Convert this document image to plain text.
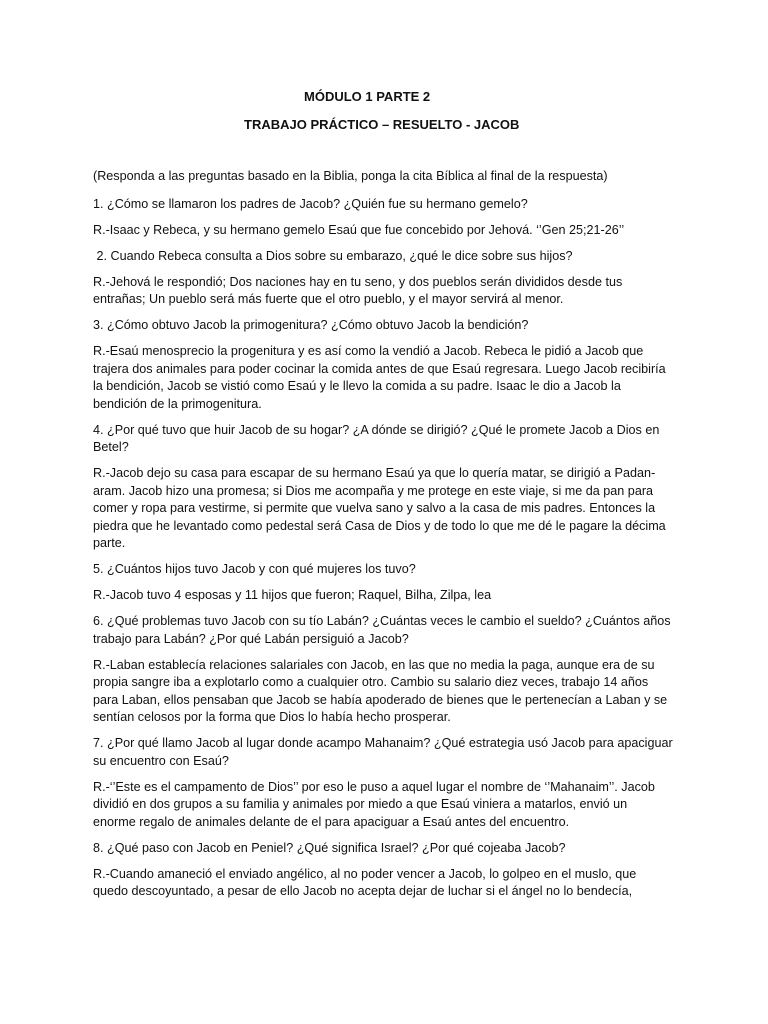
MÓDULO 1 PARTE 2
TRABAJO PRÁCTICO – RESUELTO - JACOB

(Responda a las preguntas basado en la Biblia, ponga la cita Bíblica al final de la respuesta)

1. ¿Cómo se llamaron los padres de Jacob? ¿Quién fue su hermano gemelo?

R.-Isaac y Rebeca, y su hermano gemelo Esaú que fue concebido por Jehová. ‘’Gen 25;21-26’’

2. Cuando Rebeca consulta a Dios sobre su embarazo, ¿qué le dice sobre sus hijos?

R.-Jehová le respondió; Dos naciones hay en tu seno, y dos pueblos serán divididos desde tus entrañas; Un pueblo será más fuerte que el otro pueblo, y el mayor servirá al menor.

3. ¿Cómo obtuvo Jacob la primogenitura? ¿Cómo obtuvo Jacob la bendición?

R.-Esaú menosprecio la progenitura y es así como la vendió a Jacob. Rebeca le pidió a Jacob que trajera dos animales para poder cocinar la comida antes de que Esaú regresara. Luego Jacob recibiría la bendición, Jacob se vistió como Esaú y le llevo la comida a su padre. Isaac le dio a Jacob la bendición de la primogenitura.

4. ¿Por qué tuvo que huir Jacob de su hogar? ¿A dónde se dirigió? ¿Qué le promete Jacob a Dios en Betel?

R.-Jacob dejo su casa para escapar de su hermano Esaú ya que lo quería matar, se dirigió a Padan-aram. Jacob hizo una promesa; si Dios me acompaña y me protege en este viaje, si me da pan para comer y ropa para vestirme, si permite que vuelva sano y salvo a la casa de mis padres. Entonces la piedra que he levantado como pedestal será Casa de Dios y de todo lo que me dé le pagare la décima parte.

5. ¿Cuántos hijos tuvo Jacob y con qué mujeres los tuvo?

R.-Jacob tuvo 4 esposas y 11 hijos que fueron; Raquel, Bilha, Zilpa, lea

6. ¿Qué problemas tuvo Jacob con su tío Labán? ¿Cuántas veces le cambio el sueldo? ¿Cuántos años trabajo para Labán? ¿Por qué Labán persiguió a Jacob?

R.-Laban establecía relaciones salariales con Jacob, en las que no media la paga, aunque era de su propia sangre iba a explotarlo como a cualquier otro. Cambio su salario diez veces, trabajo 14 años para Laban, ellos pensaban que Jacob se había apoderado de bienes que le pertenecían a Laban y se sentían celosos por la forma que Dios lo había hecho prosperar.

7. ¿Por qué llamo Jacob al lugar donde acampo Mahanaim? ¿Qué estrategia usó Jacob para apaciguar su encuentro con Esaú?

R.-‘’Este es el campamento de Dios’’ por eso le puso a aquel lugar el nombre de ‘’Mahanaim’’. Jacob dividió en dos grupos a su familia y animales por miedo a que Esaú viniera a matarlos, envió un enorme regalo de animales delante de el para apaciguar a Esaú antes del encuentro.

8. ¿Qué paso con Jacob en Peniel? ¿Qué significa Israel? ¿Por qué cojeaba Jacob?

R.-Cuando amaneció el enviado angélico, al no poder vencer a Jacob, lo golpeo en el muslo, que quedo descoyuntado, a pesar de ello Jacob no acepta dejar de luchar si el ángel no lo bendecía,
